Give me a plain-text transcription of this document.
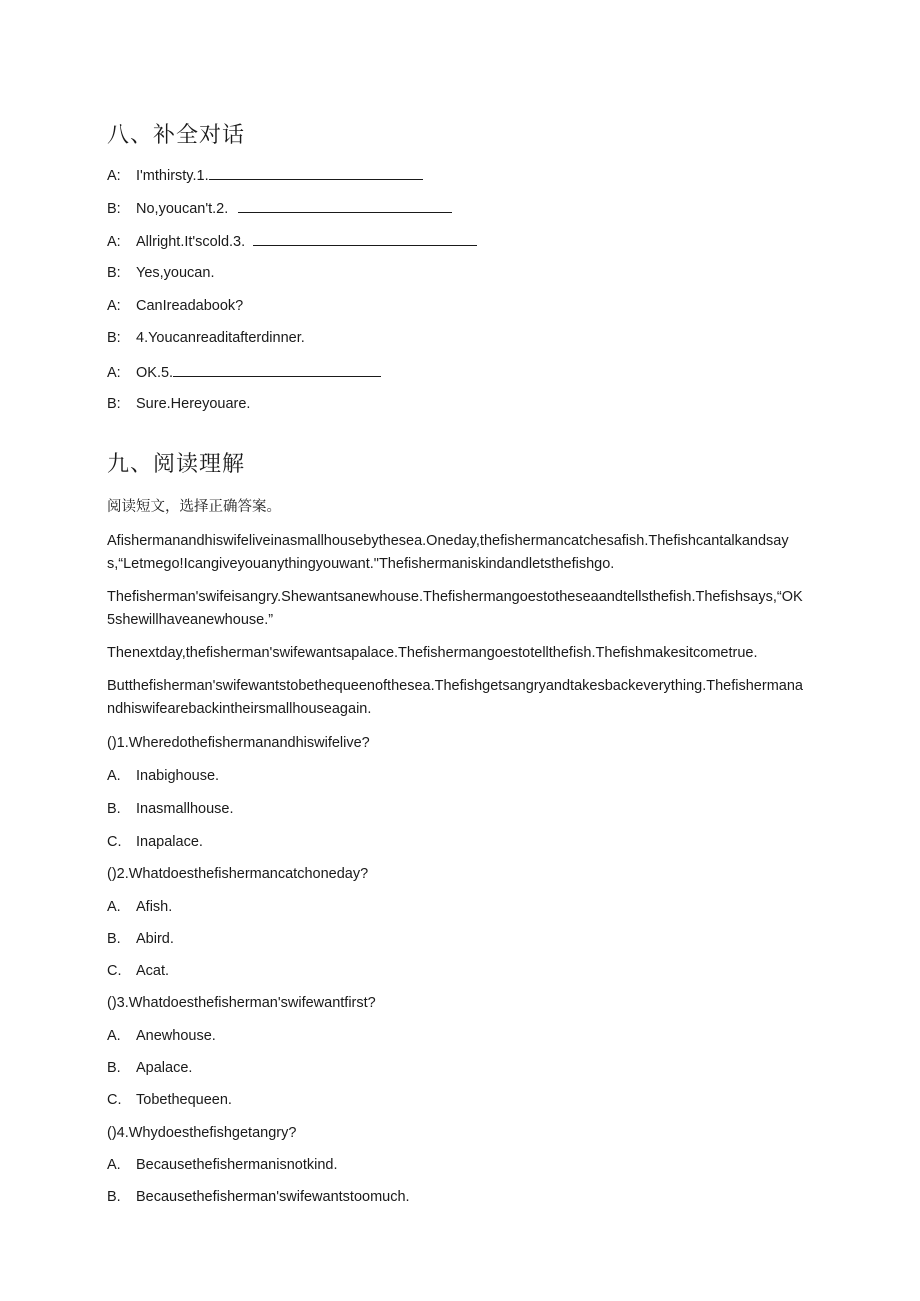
八、补全对话
A: I'mthirsty.1.
B: No,youcan't.2.
A: Allright.It'scold.3.
B: Yes,youcan.
A: CanIreadabook?
B: 4.Youcanreaditafterdinner.
A: OK.5.
B: Sure.Hereyouare.
九、阅读理解
阅读短文，选择正确答案。
Afishermanandhiswifeliveinasmallhousebythesea.Oneday,thefishermancatchesafish.Thefishcantalkandsays,“Letmego!Icangiveyouanythingyouwant."Thefishermaniskindandletsthefishgo.
Thefisherman'swifeisangry.Shewantsanewhouse.Thefishermangoestotheseaandtellsthefish.Thefishsays,“OK5shewillhaveanewhouse.”
Thenextday,thefisherman'swifewantsapalace.Thefishermangoestotellthefish.Thefishmakesitcometrue.
Butthefisherman'swifewantstobethequeenofthesea.Thefishgetsangryandtakesbackeverything.Thefishermanandhiswifearebackintheirsmallhouseagain.
()1.Wheredothefishermanandhiswifelive?
A. Inabighouse.
B. Inasmallhouse.
C. Inapalace.
()2.Whatdoesthefishermancatchoneday?
A. Afish.
B. Abird.
C. Acat.
()3.Whatdoesthefisherman'swifewantfirst?
A. Anewhouse.
B. Apalace.
C. Tobethequeen.
()4.Whydoesthefishgetangry?
A. Becausethefishermanisnotkind.
B. Becausethefisherman'swifewantstoomuch.
